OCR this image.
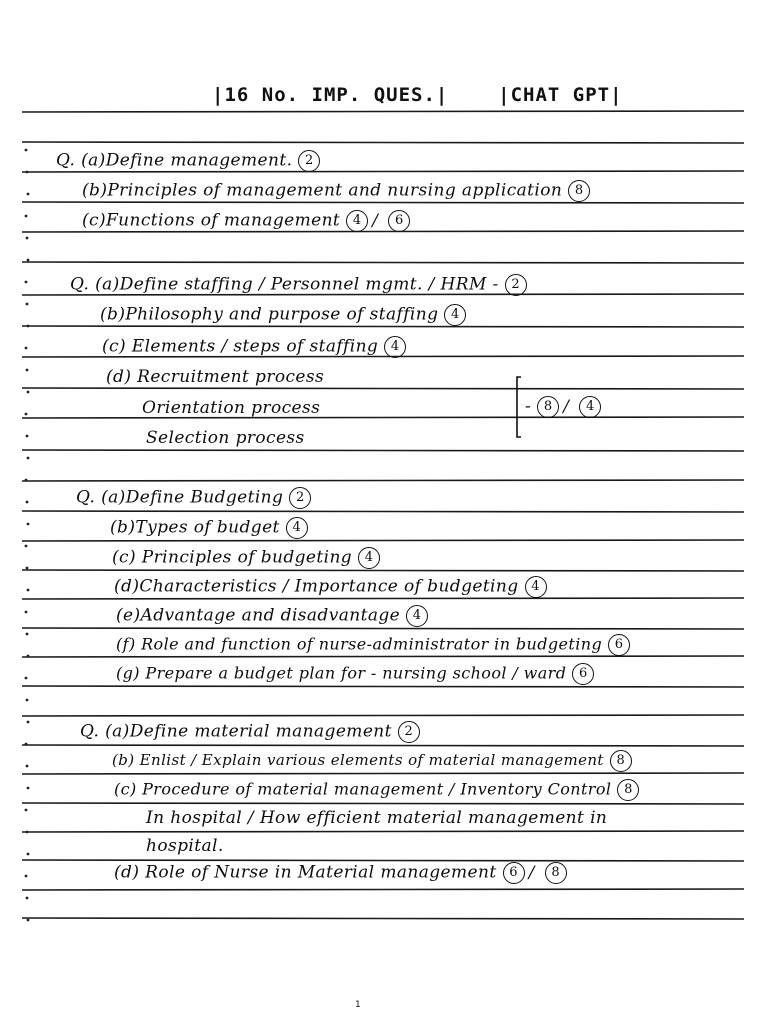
|16 No. IMP. QUES.|	|CHAT GPT|
Q. (a)Define management. 2
(b)Principles of management and nursing application 8
(c)Functions of management 4 / 6
Q. (a)Define staffing / Personnel mgmt. / HRM - 2
(b)Philosophy and purpose of staffing 4
(c) Elements / steps of staffing 4
(d) Recruitment process
Orientation process
Selection process
- 8 / 4
Q. (a)Define Budgeting 2
(b)Types of budget 4
(c) Principles of budgeting 4
(d)Characteristics / Importance of budgeting 4
(e)Advantage and disadvantage 4
(f) Role and function of nurse-administrator in budgeting 6
(g) Prepare a budget plan for - nursing school / ward 6
Q. (a)Define material management 2
(b) Enlist / Explain various elements of material management 8
(c) Procedure of material management / Inventory Control 8
In hospital / How efficient material management in
hospital.
(d) Role of Nurse in Material management 6 / 8
1
